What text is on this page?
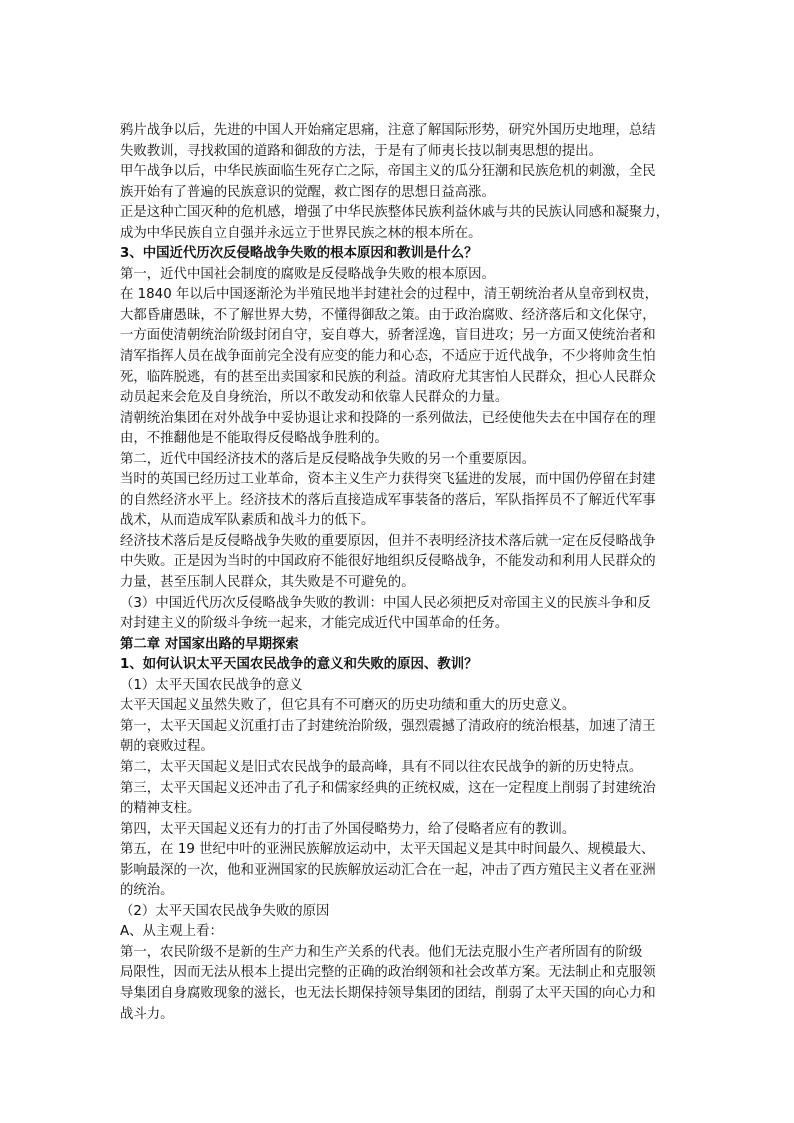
鸦片战争以后，先进的中国人开始痛定思痛，注意了解国际形势，研究外国历史地理，总结

失败教训，寻找救国的道路和御敌的方法，于是有了师夷长技以制夷思想的提出。

甲午战争以后，中华民族面临生死存亡之际，帝国主义的瓜分狂潮和民族危机的刺激，全民

族开始有了普遍的民族意识的觉醒，救亡图存的思想日益高涨。

正是这种亡国灭种的危机感，增强了中华民族整体民族利益休戚与共的民族认同感和凝聚力，

成为中华民族自立自强并永远立于世界民族之林的根本所在。

3、中国近代历次反侵略战争失败的根本原因和教训是什么？

第一，近代中国社会制度的腐败是反侵略战争失败的根本原因。

在 1840 年以后中国逐渐沦为半殖民地半封建社会的过程中，清王朝统治者从皇帝到权贵，

大都昏庸愚昧，不了解世界大势，不懂得御敌之策。由于政治腐败、经济落后和文化保守，

一方面使清朝统治阶级封闭自守，妄自尊大，骄奢淫逸，盲目进攻；另一方面又使统治者和

清军指挥人员在战争面前完全没有应变的能力和心态，不适应于近代战争，不少将帅贪生怕

死，临阵脱逃，有的甚至出卖国家和民族的利益。清政府尤其害怕人民群众，担心人民群众

动员起来会危及自身统治，所以不敢发动和依靠人民群众的力量。

清朝统治集团在对外战争中妥协退让求和投降的一系列做法，已经使他失去在中国存在的理

由，不推翻他是不能取得反侵略战争胜利的。

第二，近代中国经济技术的落后是反侵略战争失败的另一个重要原因。

当时的英国已经历过工业革命，资本主义生产力获得突飞猛进的发展，而中国仍停留在封建

的自然经济水平上。经济技术的落后直接造成军事装备的落后，军队指挥员不了解近代军事

战术，从而造成军队素质和战斗力的低下。

经济技术落后是反侵略战争失败的重要原因，但并不表明经济技术落后就一定在反侵略战争

中失败。正是因为当时的中国政府不能很好地组织反侵略战争，不能发动和利用人民群众的

力量，甚至压制人民群众，其失败是不可避免的。

（3）中国近代历次反侵略战争失败的教训：中国人民必须把反对帝国主义的民族斗争和反

对封建主义的阶级斗争统一起来，才能完成近代中国革命的任务。

第二章 对国家出路的早期探索

1、如何认识太平天国农民战争的意义和失败的原因、教训？

（1）太平天国农民战争的意义

太平天国起义虽然失败了，但它具有不可磨灭的历史功绩和重大的历史意义。

第一，太平天国起义沉重打击了封建统治阶级，强烈震撼了清政府的统治根基，加速了清王

朝的衰败过程。

第二，太平天国起义是旧式农民战争的最高峰，具有不同以往农民战争的新的历史特点。

第三，太平天国起义还冲击了孔子和儒家经典的正统权威，这在一定程度上削弱了封建统治

的精神支柱。

第四，太平天国起义还有力的打击了外国侵略势力，给了侵略者应有的教训。

第五，在 19 世纪中叶的亚洲民族解放运动中，太平天国起义是其中时间最久、规模最大、

影响最深的一次，他和亚洲国家的民族解放运动汇合在一起，冲击了西方殖民主义者在亚洲

的统治。

（2）太平天国农民战争失败的原因

A、从主观上看：

第一，农民阶级不是新的生产力和生产关系的代表。他们无法克服小生产者所固有的阶级

局限性，因而无法从根本上提出完整的正确的政治纲领和社会改革方案。无法制止和克服领

导集团自身腐败现象的滋长，也无法长期保持领导集团的团结，削弱了太平天国的向心力和

战斗力。
